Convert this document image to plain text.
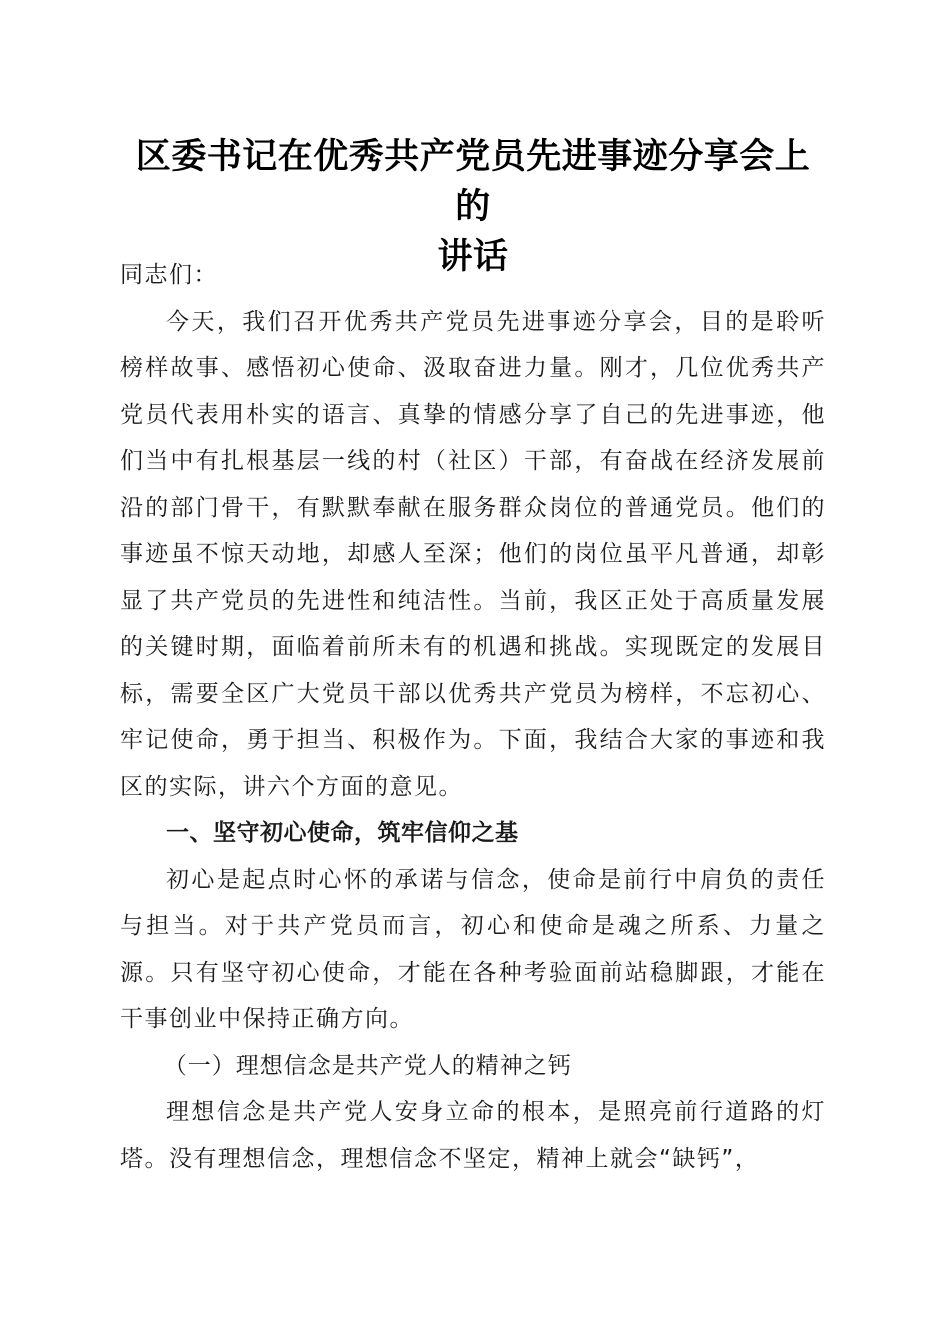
区委书记在优秀共产党员先进事迹分享会上的
讲话

同志们：

今天，我们召开优秀共产党员先进事迹分享会，目的是聆听榜样故事、感悟初心使命、汲取奋进力量。刚才，几位优秀共产党员代表用朴实的语言、真挚的情感分享了自己的先进事迹，他们当中有扎根基层一线的村（社区）干部，有奋战在经济发展前沿的部门骨干，有默默奉献在服务群众岗位的普通党员。他们的事迹虽不惊天动地，却感人至深；他们的岗位虽平凡普通，却彰显了共产党员的先进性和纯洁性。当前，我区正处于高质量发展的关键时期，面临着前所未有的机遇和挑战。实现既定的发展目标，需要全区广大党员干部以优秀共产党员为榜样，不忘初心、牢记使命，勇于担当、积极作为。下面，我结合大家的事迹和我区的实际，讲六个方面的意见。

一、坚守初心使命，筑牢信仰之基

初心是起点时心怀的承诺与信念，使命是前行中肩负的责任与担当。对于共产党员而言，初心和使命是魂之所系、力量之源。只有坚守初心使命，才能在各种考验面前站稳脚跟，才能在干事创业中保持正确方向。

（一）理想信念是共产党人的精神之钙

理想信念是共产党人安身立命的根本，是照亮前行道路的灯塔。没有理想信念，理想信念不坚定，精神上就会“缺钙”，
